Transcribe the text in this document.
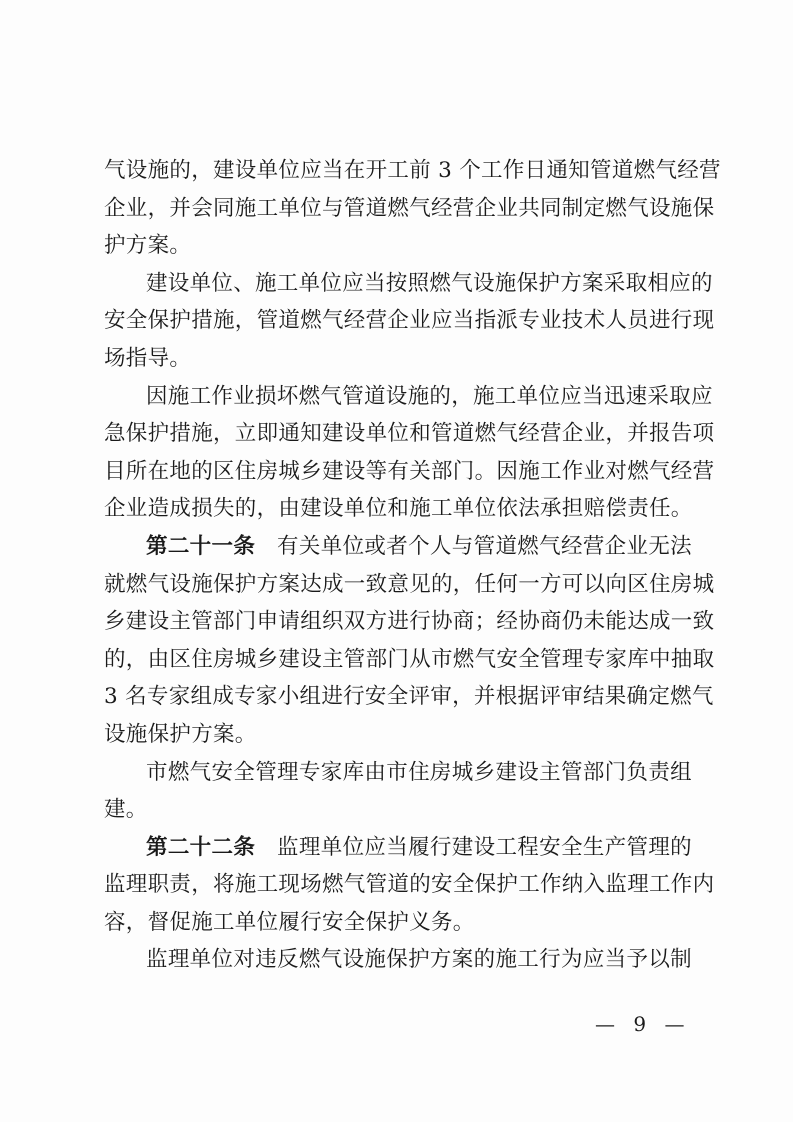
气设施的，建设单位应当在开工前 3 个工作日通知管道燃气经营
企业，并会同施工单位与管道燃气经营企业共同制定燃气设施保
护方案。
建设单位、施工单位应当按照燃气设施保护方案采取相应的
安全保护措施，管道燃气经营企业应当指派专业技术人员进行现
场指导。
因施工作业损坏燃气管道设施的，施工单位应当迅速采取应
急保护措施，立即通知建设单位和管道燃气经营企业，并报告项
目所在地的区住房城乡建设等有关部门。因施工作业对燃气经营
企业造成损失的，由建设单位和施工单位依法承担赔偿责任。
第二十一条　 有关单位或者个人与管道燃气经营企业无法
就燃气设施保护方案达成一致意见的，任何一方可以向区住房城
乡建设主管部门申请组织双方进行协商；经协商仍未能达成一致
的，由区住房城乡建设主管部门从市燃气安全管理专家库中抽取
3 名专家组成专家小组进行安全评审，并根据评审结果确定燃气
设施保护方案。
市燃气安全管理专家库由市住房城乡建设主管部门负责组
建。
第二十二条　 监理单位应当履行建设工程安全生产管理的
监理职责，将施工现场燃气管道的安全保护工作纳入监理工作内
容，督促施工单位履行安全保护义务。
监理单位对违反燃气设施保护方案的施工行为应当予以制
— 9 —
